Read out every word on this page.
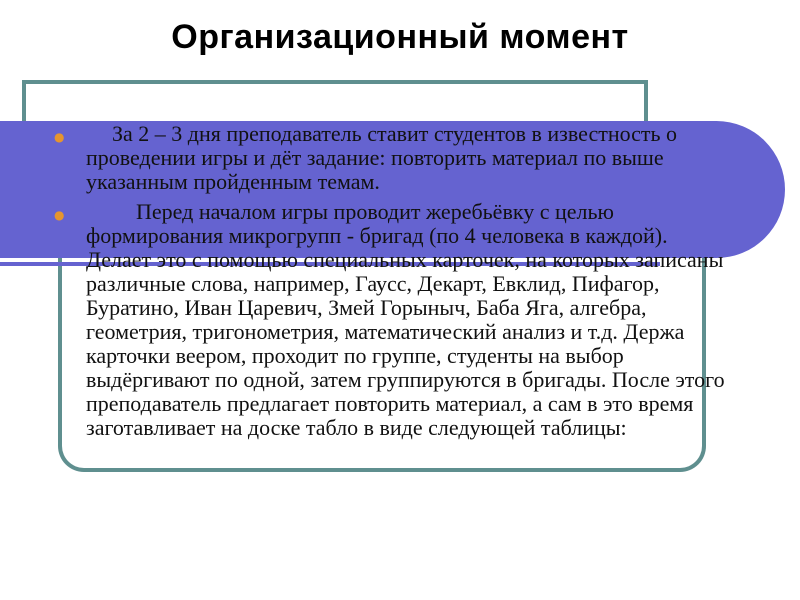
Организационный момент
● За 2 – 3 дня преподаватель ставит студентов в известность о проведении игры и дёт задание: повторить материал по выше указанным пройденным темам.
●	Перед началом игры проводит жеребьёвку с целью формирования микрогрупп - бригад (по 4 человека в каждой). Делает это с помощью специальных карточек, на которых записаны различные слова, например, Гаусс, Декарт, Евклид, Пифагор, Буратино, Иван Царевич, Змей Горыныч, Баба Яга, алгебра, геометрия, тригонометрия, математический анализ и т.д. Держа карточки веером, проходит по группе, студенты на выбор выдёргивают по одной, затем группируются в бригады. После этого преподаватель предлагает повторить материал, а сам в это время заготавливает на доске табло в виде следующей таблицы:
